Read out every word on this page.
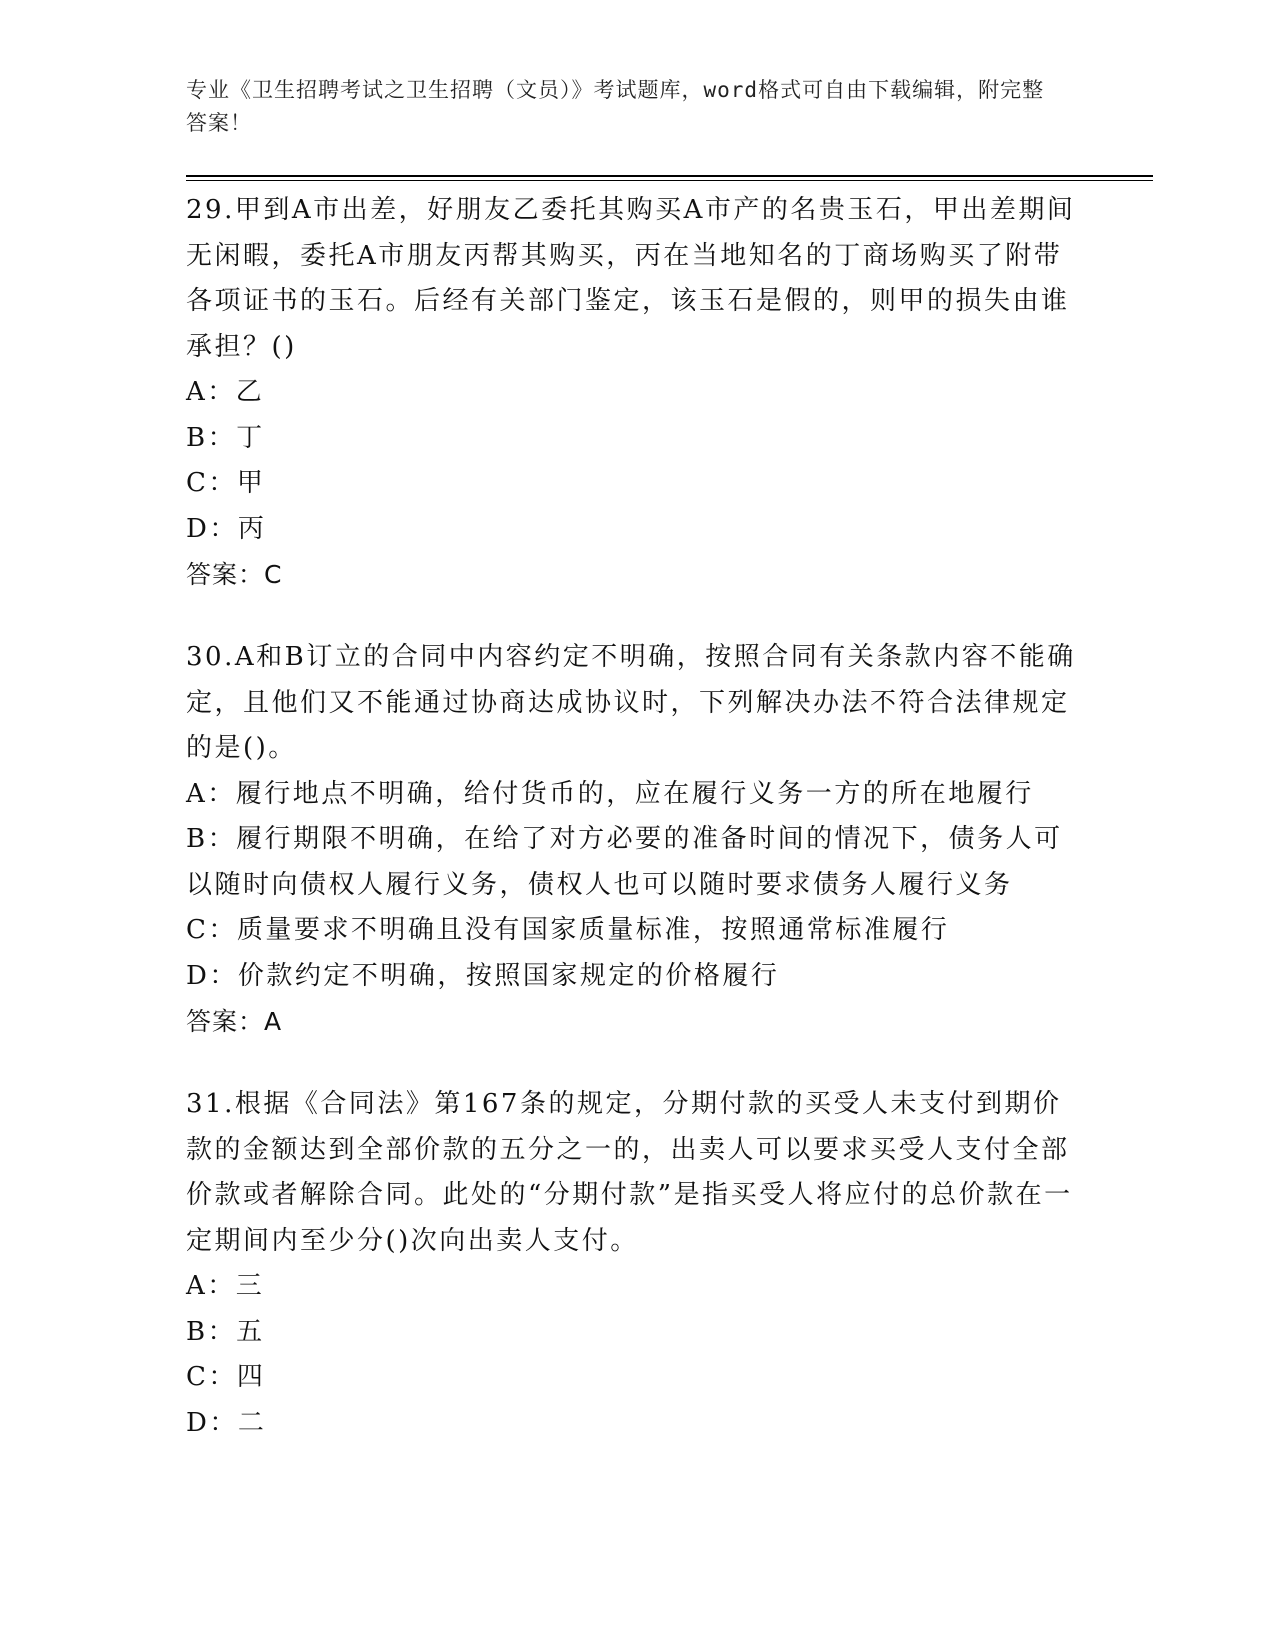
专业《卫生招聘考试之卫生招聘（文员）》考试题库，word格式可自由下载编辑，附完整答案！

29.甲到A市出差，好朋友乙委托其购买A市产的名贵玉石，甲出差期间无闲暇，委托A市朋友丙帮其购买，丙在当地知名的丁商场购买了附带各项证书的玉石。后经有关部门鉴定，该玉石是假的，则甲的损失由谁承担？()

A：乙

B：丁

C：甲

D：丙

答案：C

30.A和B订立的合同中内容约定不明确，按照合同有关条款内容不能确定，且他们又不能通过协商达成协议时，下列解决办法不符合法律规定的是()。

A：履行地点不明确，给付货币的，应在履行义务一方的所在地履行

B：履行期限不明确，在给了对方必要的准备时间的情况下，债务人可以随时向债权人履行义务，债权人也可以随时要求债务人履行义务

C：质量要求不明确且没有国家质量标准，按照通常标准履行

D：价款约定不明确，按照国家规定的价格履行

答案：A

31.根据《合同法》第167条的规定，分期付款的买受人未支付到期价款的金额达到全部价款的五分之一的，出卖人可以要求买受人支付全部价款或者解除合同。此处的“分期付款”是指买受人将应付的总价款在一定期间内至少分()次向出卖人支付。

A：三

B：五

C：四

D：二
